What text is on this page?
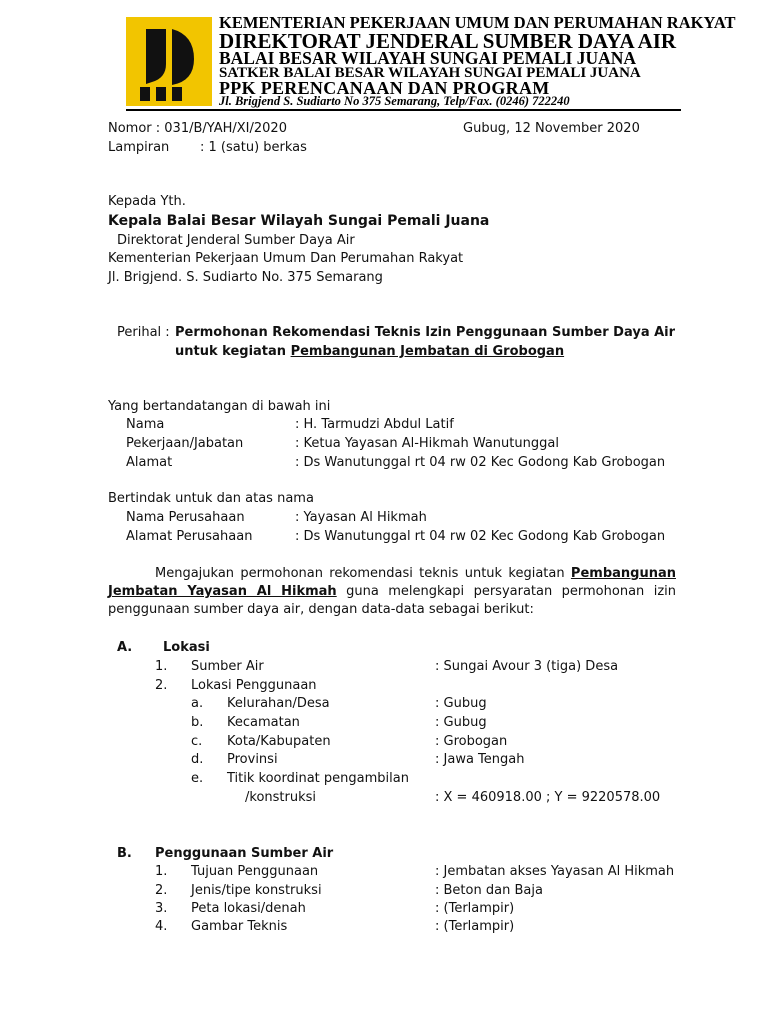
KEMENTERIAN PEKERJAAN UMUM DAN PERUMAHAN RAKYAT
DIREKTORAT JENDERAL SUMBER DAYA AIR
BALAI BESAR WILAYAH SUNGAI PEMALI JUANA
SATKER BALAI BESAR WILAYAH SUNGAI PEMALI JUANA
PPK PERENCANAAN DAN PROGRAM
Jl. Brigjend S. Sudiarto No 375 Semarang, Telp/Fax. (0246) 722240
Nomor : 031/B/YAH/XI/2020	Gubug, 12 November 2020
Lampiran : 1 (satu) berkas
Kepada Yth.
Kepala Balai Besar Wilayah Sungai Pemali Juana
Direktorat Jenderal Sumber Daya Air
Kementerian Pekerjaan Umum Dan Perumahan Rakyat
Jl. Brigjend. S. Sudiarto No. 375 Semarang
Perihal : Permohonan Rekomendasi Teknis Izin Penggunaan Sumber Daya Air
untuk kegiatan Pembangunan Jembatan di Grobogan
Yang bertandatangan di bawah ini
Nama	: H. Tarmudzi Abdul Latif
Pekerjaan/Jabatan	: Ketua Yayasan Al-Hikmah Wanutunggal
Alamat	: Ds Wanutunggal rt 04 rw 02 Kec Godong Kab Grobogan
Bertindak untuk dan atas nama
Nama Perusahaan	: Yayasan Al Hikmah
Alamat Perusahaan	: Ds Wanutunggal rt 04 rw 02 Kec Godong Kab Grobogan
Mengajukan permohonan rekomendasi teknis untuk kegiatan Pembangunan Jembatan Yayasan Al Hikmah guna melengkapi persyaratan permohonan izin penggunaan sumber daya air, dengan data-data sebagai berikut:
A. Lokasi
1. Sumber Air	: Sungai Avour 3 (tiga) Desa
2. Lokasi Penggunaan
a. Kelurahan/Desa	: Gubug
b. Kecamatan	: Gubug
c. Kota/Kabupaten	: Grobogan
d. Provinsi	: Jawa Tengah
e. Titik koordinat pengambilan
/konstruksi	: X = 460918.00 ; Y = 9220578.00
B. Penggunaan Sumber Air
1. Tujuan Penggunaan	: Jembatan akses Yayasan Al Hikmah
2. Jenis/tipe konstruksi	: Beton dan Baja
3. Peta lokasi/denah	: (Terlampir)
4. Gambar Teknis	: (Terlampir)
